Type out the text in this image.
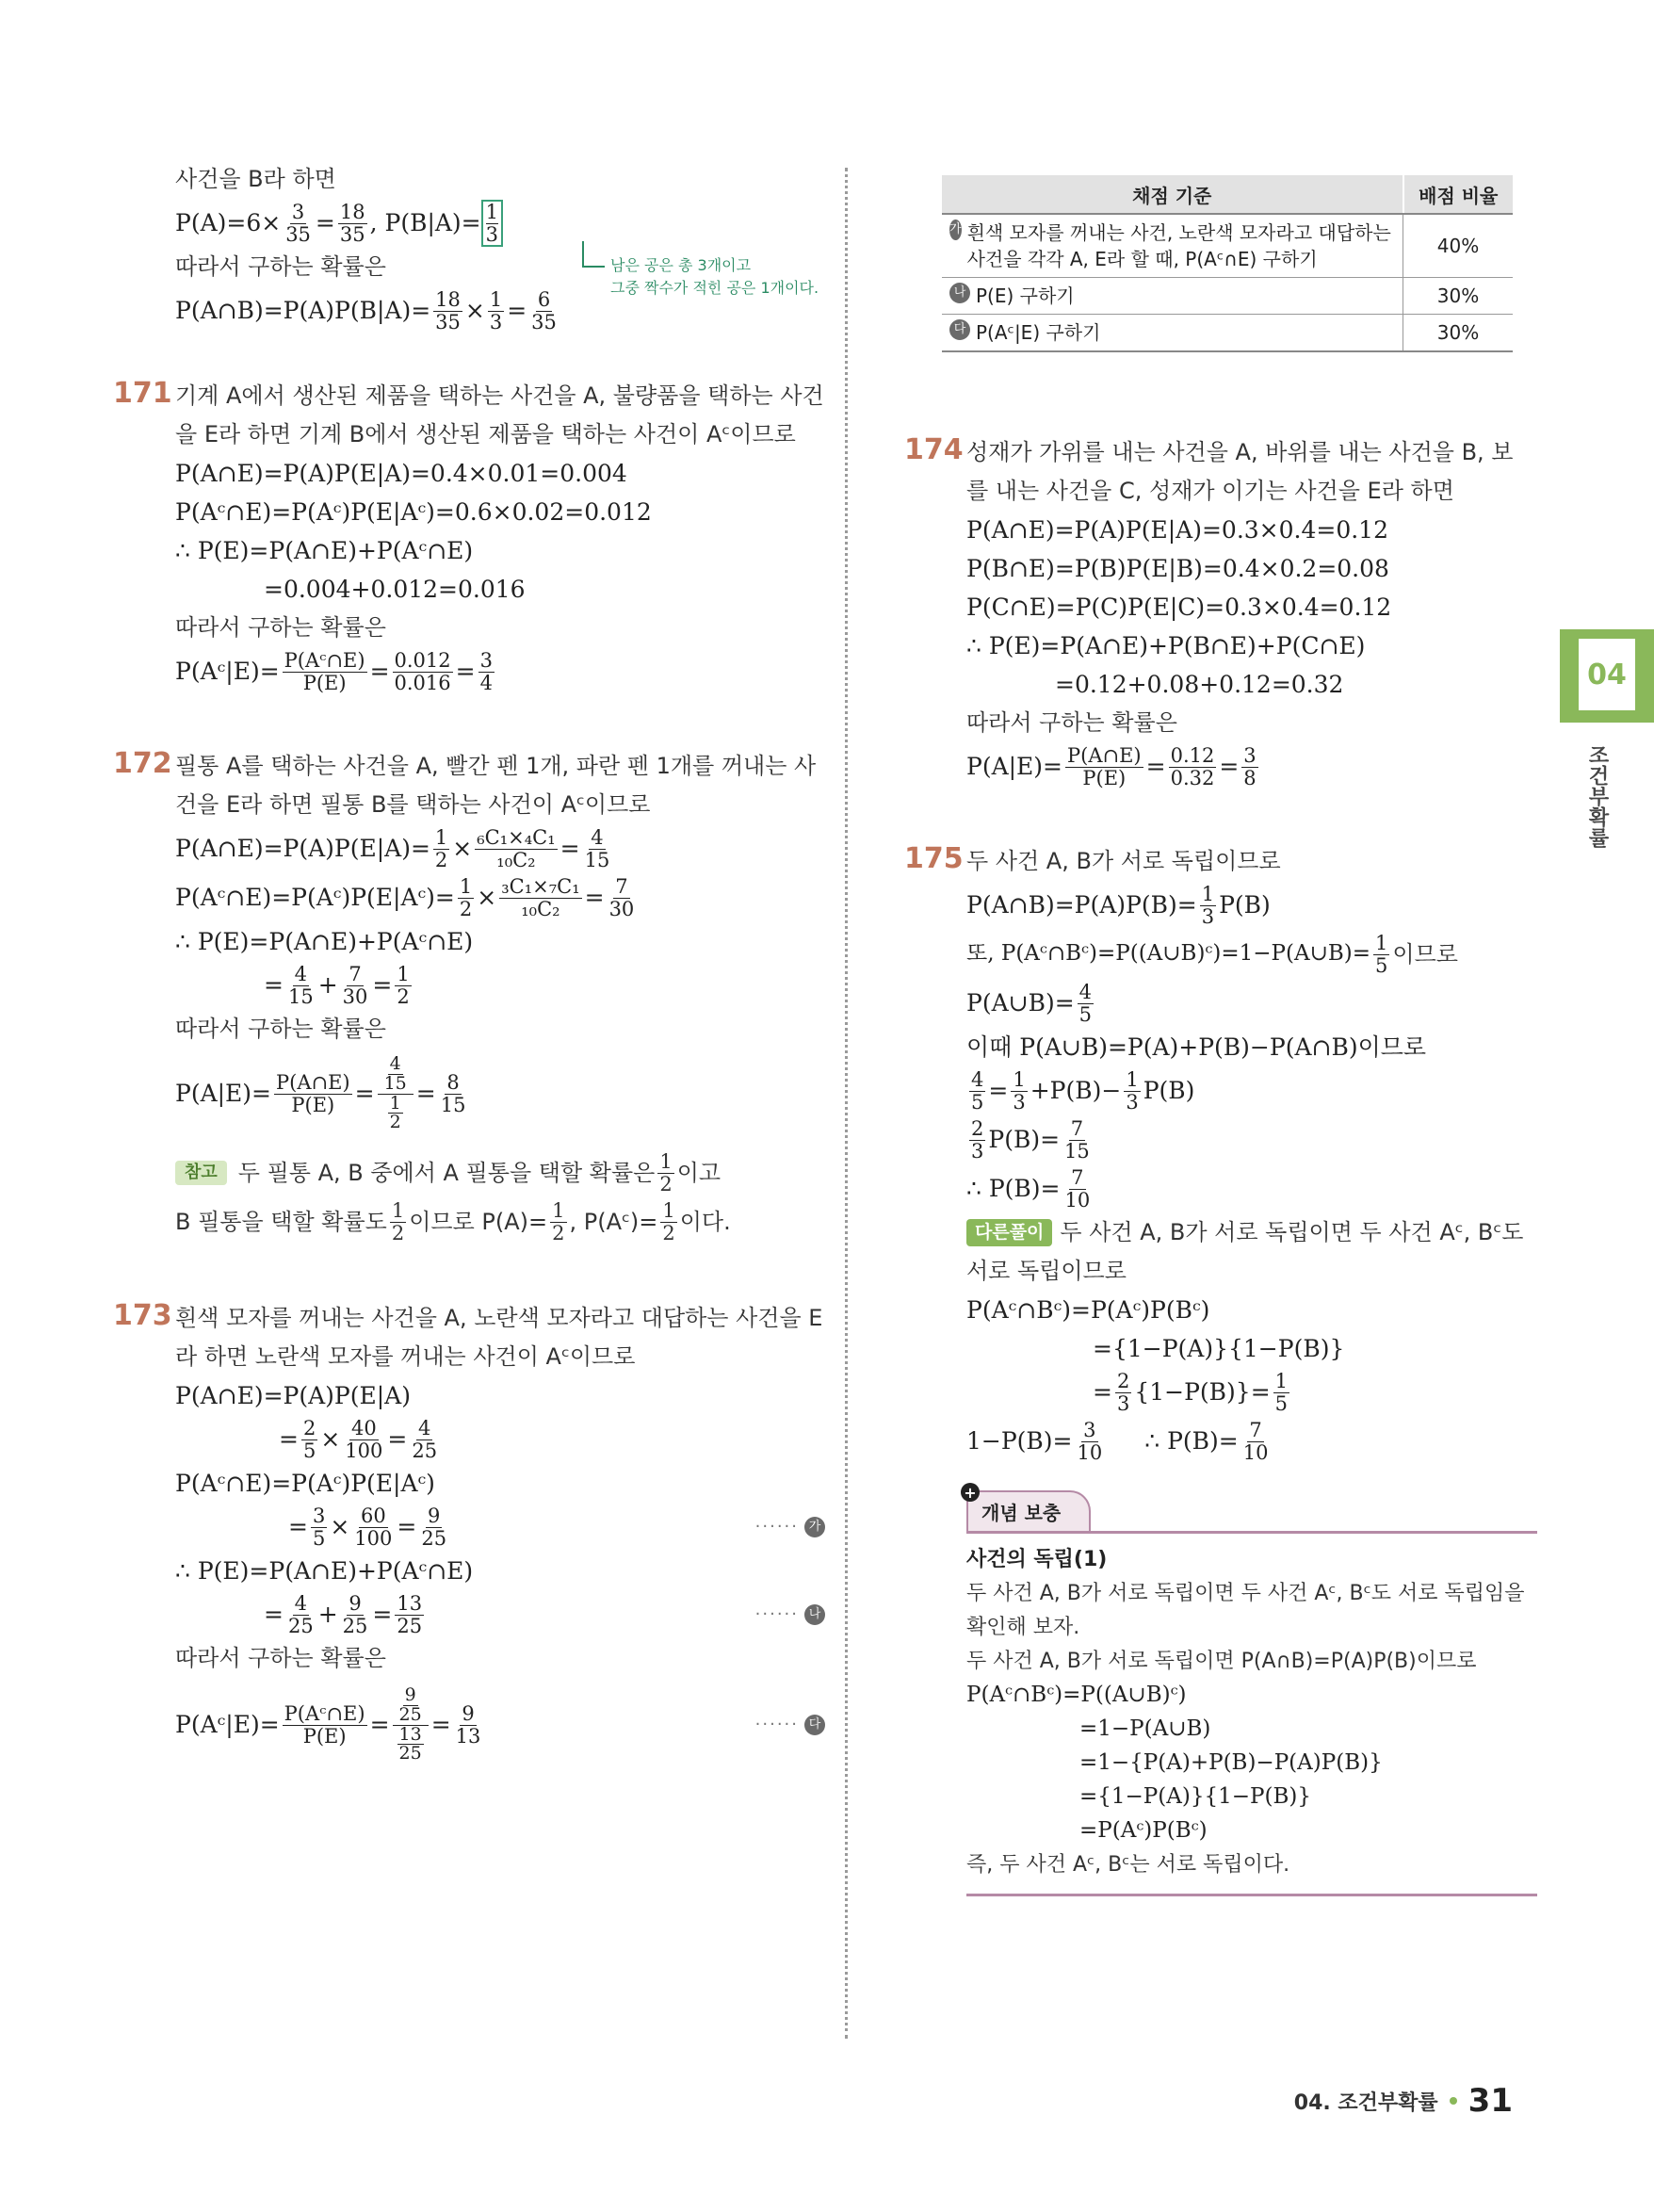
사건을 B라 하면
$P(A)=6\times \frac{3}{35} = \frac{18}{35}$ , $P(B|A)= \frac{1}{3}$
남은 공은 총 3개이고
그중 짝수가 적힌 공은 1개이다.
따라서 구하는 확률은
P(A∩B)=P(A)P(B|A)= $\frac{18}{35} \times \frac{1}{3} = \frac{6}{35}$
171 기계 A에서 생산된 제품을 택하는 사건을 A, 불량품을 택하는 사건을 E라 하면 기계 B에서 생산된 제품을 택하는 사건이 Aᶜ이므로
P(A∩E)=P(A)P(E|A)=0.4×0.01=0.004
P(Aᶜ∩E)=P(Aᶜ)P(E|Aᶜ)=0.6×0.02=0.012
∴ P(E)=P(A∩E)+P(Aᶜ∩E)
=0.004+0.012=0.016
따라서 구하는 확률은
P(Aᶜ|E)= $\frac{\text{P(Aᶜ∩E)}}{P(E)} = \frac{0.012}{0.016} = \frac{3}{4}$
172 필통 A를 택하는 사건을 A, 빨간 펜 1개, 파란 펜 1개를 꺼내는 사건을 E라 하면 필통 B를 택하는 사건이 Aᶜ이므로
P(A∩E)=P(A)P(E|A)= $\frac{1}{2} \times \frac{\text{₆C₁×₄C₁}}{\text{₁₀C₂}} = \frac{4}{15}$
P(Aᶜ∩E)=P(Aᶜ)P(E|Aᶜ)= $\frac{1}{2} \times \frac{\text{₃C₁×₇C₁}}{\text{₁₀C₂}} = \frac{7}{30}$
∴ P(E)=P(A∩E)+P(Aᶜ∩E)
= $\frac{4}{15} + \frac{7}{30} = \frac{1}{2}$
따라서 구하는 확률은
$P(A|E)= \frac{P(A\cap E)}{P(E)} = \frac{\frac{4}{15}}{\frac{1}{2}} = \frac{8}{15}$
참고 두 필통 A, B 중에서 A 필통을 택할 확률은 $\frac{1}{2}$ 이고
B 필통을 택할 확률도 $\frac{1}{2}$ 이므로 $P(A)= \frac{1}{2}$ , P(Aᶜ)= $\frac{1}{2}$ 이다.
173 흰색 모자를 꺼내는 사건을 A, 노란색 모자라고 대답하는 사건을 E라 하면 노란색 모자를 꺼내는 사건이 Aᶜ이므로
P(A∩E)=P(A)P(E|A)
= $\frac{2}{5} \times \frac{40}{100} = \frac{4}{25}$
P(Aᶜ∩E)=P(Aᶜ)P(E|Aᶜ)
= $\frac{3}{5} \times \frac{60}{100} = \frac{9}{25}$	······ 가
∴ P(E)=P(A∩E)+P(Aᶜ∩E)
= $\frac{4}{25} + \frac{9}{25} = \frac{13}{25}$	······ 나
따라서 구하는 확률은
P(Aᶜ|E)= $\frac{\text{P(Aᶜ∩E)}}{P(E)} = \frac{\frac{9}{25}}{\frac{13}{25}} = \frac{9}{13}$	······ 다
채점 기준	배점 비율

가 흰색 모자를 꺼내는 사건, 노란색 모자라고 대답하는 사건을 각각 A, E라 할 때, P(Aᶜ∩E) 구하기	40%

나 P(E) 구하기	30%

다 P(Aᶜ|E) 구하기	30%
174 성재가 가위를 내는 사건을 A, 바위를 내는 사건을 B, 보를 내는 사건을 C, 성재가 이기는 사건을 E라 하면
P(A∩E)=P(A)P(E|A)=0.3×0.4=0.12
P(B∩E)=P(B)P(E|B)=0.4×0.2=0.08
P(C∩E)=P(C)P(E|C)=0.3×0.4=0.12
∴ P(E)=P(A∩E)+P(B∩E)+P(C∩E)
=0.12+0.08+0.12=0.32
따라서 구하는 확률은
$P(A|E)= \frac{P(A\cap E)}{P(E)} = \frac{0.12}{0.32} = \frac{3}{8}$
175 두 사건 A, B가 서로 독립이므로
P(A∩B)=P(A)P(B)= $\frac{1}{3} P(B)$
또, P(Aᶜ∩Bᶜ)=P((A∪B)ᶜ)=1−P(A∪B)= $\frac{1}{5}$ 이므로
P(A∪B)= $\frac{4}{5}$
이때 P(A∪B)=P(A)+P(B)−P(A∩B)이므로
$\frac{4}{5} = \frac{1}{3} +P(B)- \frac{1}{3} P(B)$
$\frac{2}{3} P(B)= \frac{7}{15}$
∴ $P(B)= \frac{7}{10}$
다른풀이 두 사건 A, B가 서로 독립이면 두 사건 Aᶜ, Bᶜ도
서로 독립이므로
P(Aᶜ∩Bᶜ)=P(Aᶜ)P(Bᶜ)
={1−P(A)}{1−P(B)}
= $\frac{2}{3} \{1-P(B)\}= \frac{1}{5}$
$1-P(B)= \frac{3}{10}$ ∴ $P(B)= \frac{7}{10}$
+
개념 보충
사건의 독립(1)
두 사건 A, B가 서로 독립이면 두 사건 Aᶜ, Bᶜ도 서로 독립임을 확인해 보자.
두 사건 A, B가 서로 독립이면 P(A∩B)=P(A)P(B)이므로
P(Aᶜ∩Bᶜ)=P((A∪B)ᶜ)
=1−P(A∪B)
=1−{P(A)+P(B)−P(A)P(B)}
={1−P(A)}{1−P(B)}
=P(Aᶜ)P(Bᶜ)
즉, 두 사건 Aᶜ, Bᶜ는 서로 독립이다.
04
조건부확률
04. 조건부확률 31
